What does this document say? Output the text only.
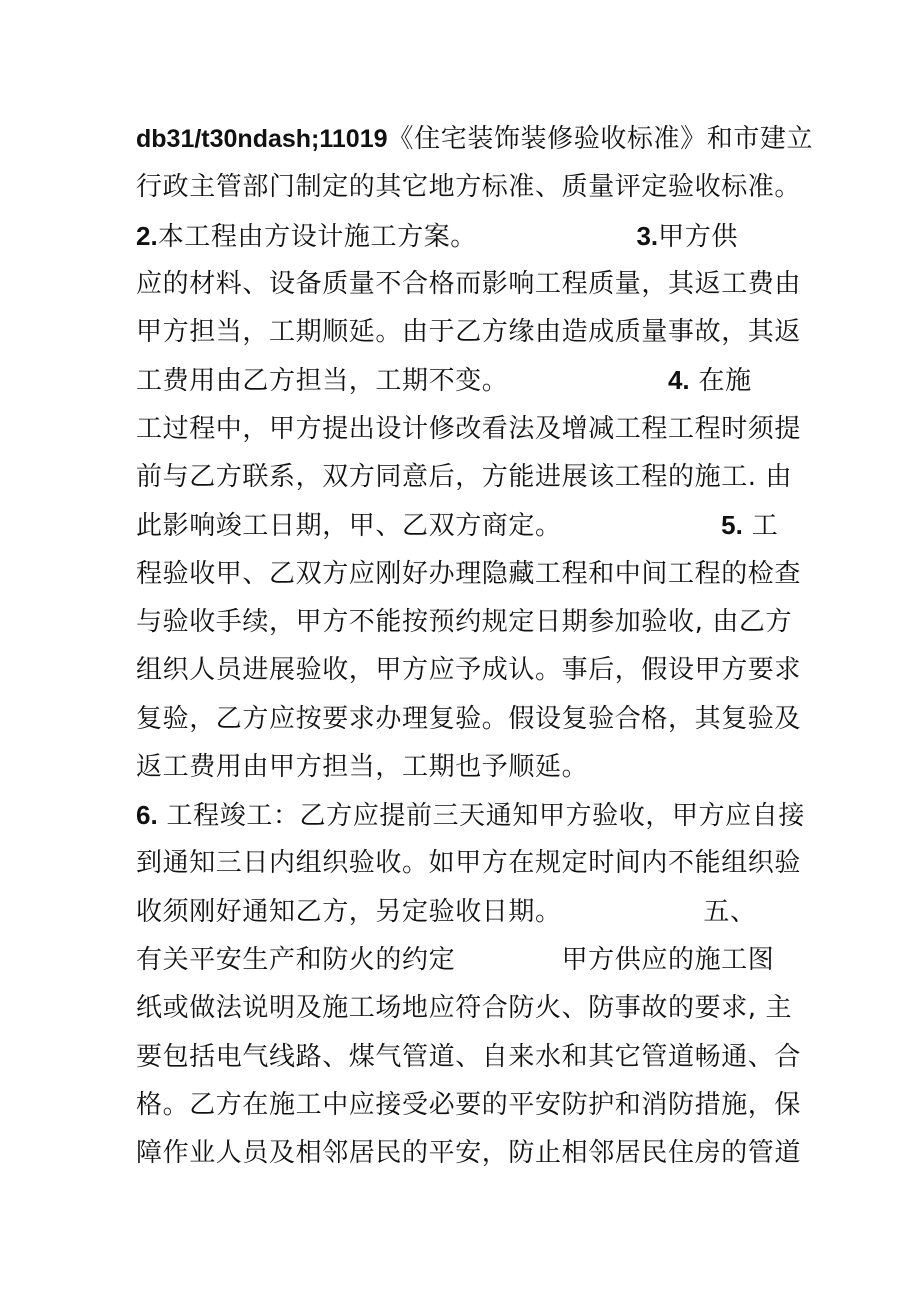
db31/t30ndash;11019《住宅装饰装修验收标准》和市建立
行政主管部门制定的其它地方标准、质量评定验收标准。
2.本工程由方设计施工方案。                  3.甲方供
应的材料、设备质量不合格而影响工程质量，其返工费由
甲方担当，工期顺延。由于乙方缘由造成质量事故，其返
工费用由乙方担当，工期不变。                  4. 在施
工过程中，甲方提出设计修改看法及增减工程工程时须提
前与乙方联系，双方同意后，方能进展该工程的施工. 由
此影响竣工日期，甲、乙双方商定。                  5. 工
程验收甲、乙双方应刚好办理隐藏工程和中间工程的检查
与验收手续，甲方不能按预约规定日期参加验收, 由乙方
组织人员进展验收，甲方应予成认。事后，假设甲方要求
复验，乙方应按要求办理复验。假设复验合格，其复验及
返工费用由甲方担当，工期也予顺延。
6. 工程竣工：乙方应提前三天通知甲方验收，甲方应自接
到通知三日内组织验收。如甲方在规定时间内不能组织验
收须刚好通知乙方，另定验收日期。                五、
有关平安生产和防火的约定            甲方供应的施工图
纸或做法说明及施工场地应符合防火、防事故的要求, 主
要包括电气线路、煤气管道、自来水和其它管道畅通、合
格。乙方在施工中应接受必要的平安防护和消防措施，保
障作业人员及相邻居民的平安，防止相邻居民住房的管道
